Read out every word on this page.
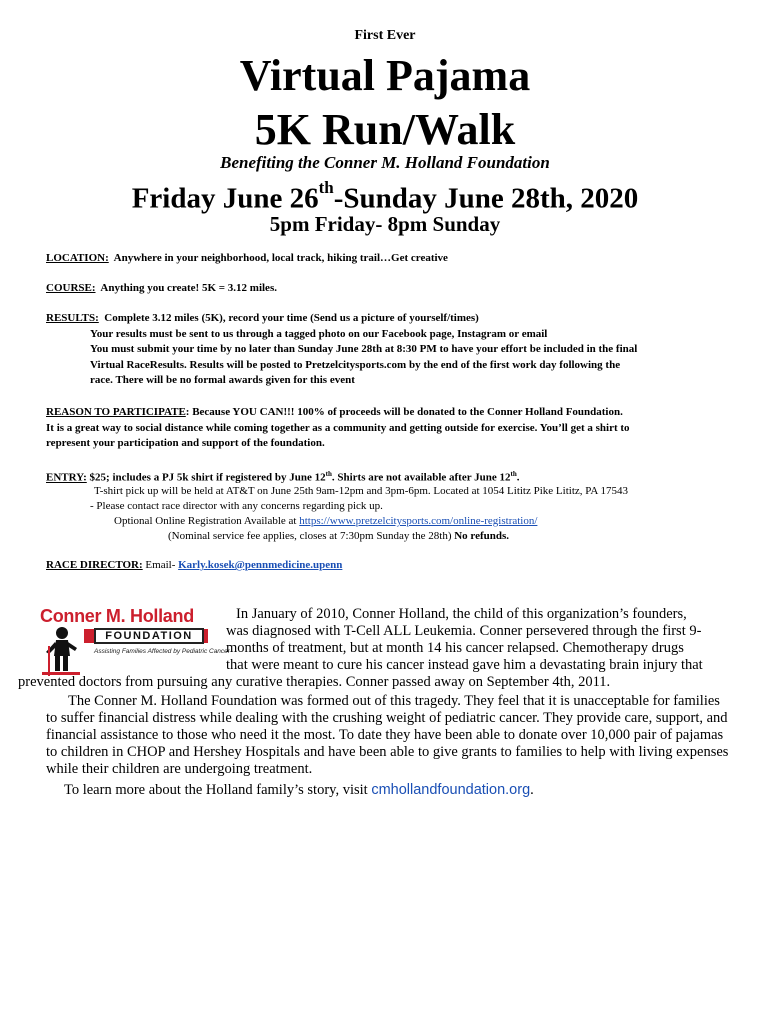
First Ever
Virtual Pajama
5K Run/Walk
Benefiting the Conner M. Holland Foundation
Friday June 26th-Sunday June 28th, 2020
5pm Friday- 8pm Sunday
LOCATION: Anywhere in your neighborhood, local track, hiking trail…Get creative
COURSE: Anything you create! 5K = 3.12 miles.
RESULTS: Complete 3.12 miles (5K), record your time (Send us a picture of yourself/times)
Your results must be sent to us through a tagged photo on our Facebook page, Instagram or email
You must submit your time by no later than Sunday June 28th at 8:30 PM to have your effort be included in the final
Virtual RaceResults. Results will be posted to Pretzelcitysports.com by the end of the first work day following the
race. There will be no formal awards given for this event
REASON TO PARTICIPATE: Because YOU CAN!!! 100% of proceeds will be donated to the Conner Holland Foundation.
It is a great way to social distance while coming together as a community and getting outside for exercise. You’ll get a shirt to
represent your participation and support of the foundation.
ENTRY: $25; includes a PJ 5k shirt if registered by June 12th. Shirts are not available after June 12th.
T-shirt pick up will be held at AT&T on June 25th 9am-12pm and 3pm-6pm. Located at 1054 Lititz Pike Lititz, PA 17543
- Please contact race director with any concerns regarding pick up.
Optional Online Registration Available at https://www.pretzelcitysports.com/online-registration/
(Nominal service fee applies, closes at 7:30pm Sunday the 28th) No refunds.
RACE DIRECTOR: Email- Karly.kosek@pennmedicine.upenn
Conner M. Holland
FOUNDATION
Assisting Families Affected by Pediatric Cancer
In January of 2010, Conner Holland, the child of this organization’s founders,
was diagnosed with T-Cell ALL Leukemia. Conner persevered through the first 9-
months of treatment, but at month 14 his cancer relapsed. Chemotherapy drugs
that were meant to cure his cancer instead gave him a devastating brain injury that
prevented doctors from pursuing any curative therapies. Conner passed away on September 4th, 2011.
The Conner M. Holland Foundation was formed out of this tragedy. They feel that it is unacceptable for families to suffer financial distress while dealing with the crushing weight of pediatric cancer. They provide care, support, and financial assistance to those who need it the most. To date they have been able to donate over 10,000 pair of pajamas to children in CHOP and Hershey Hospitals and have been able to give grants to families to help with living expenses while their children are undergoing treatment.
To learn more about the Holland family’s story, visit cmhollandfoundation.org.
